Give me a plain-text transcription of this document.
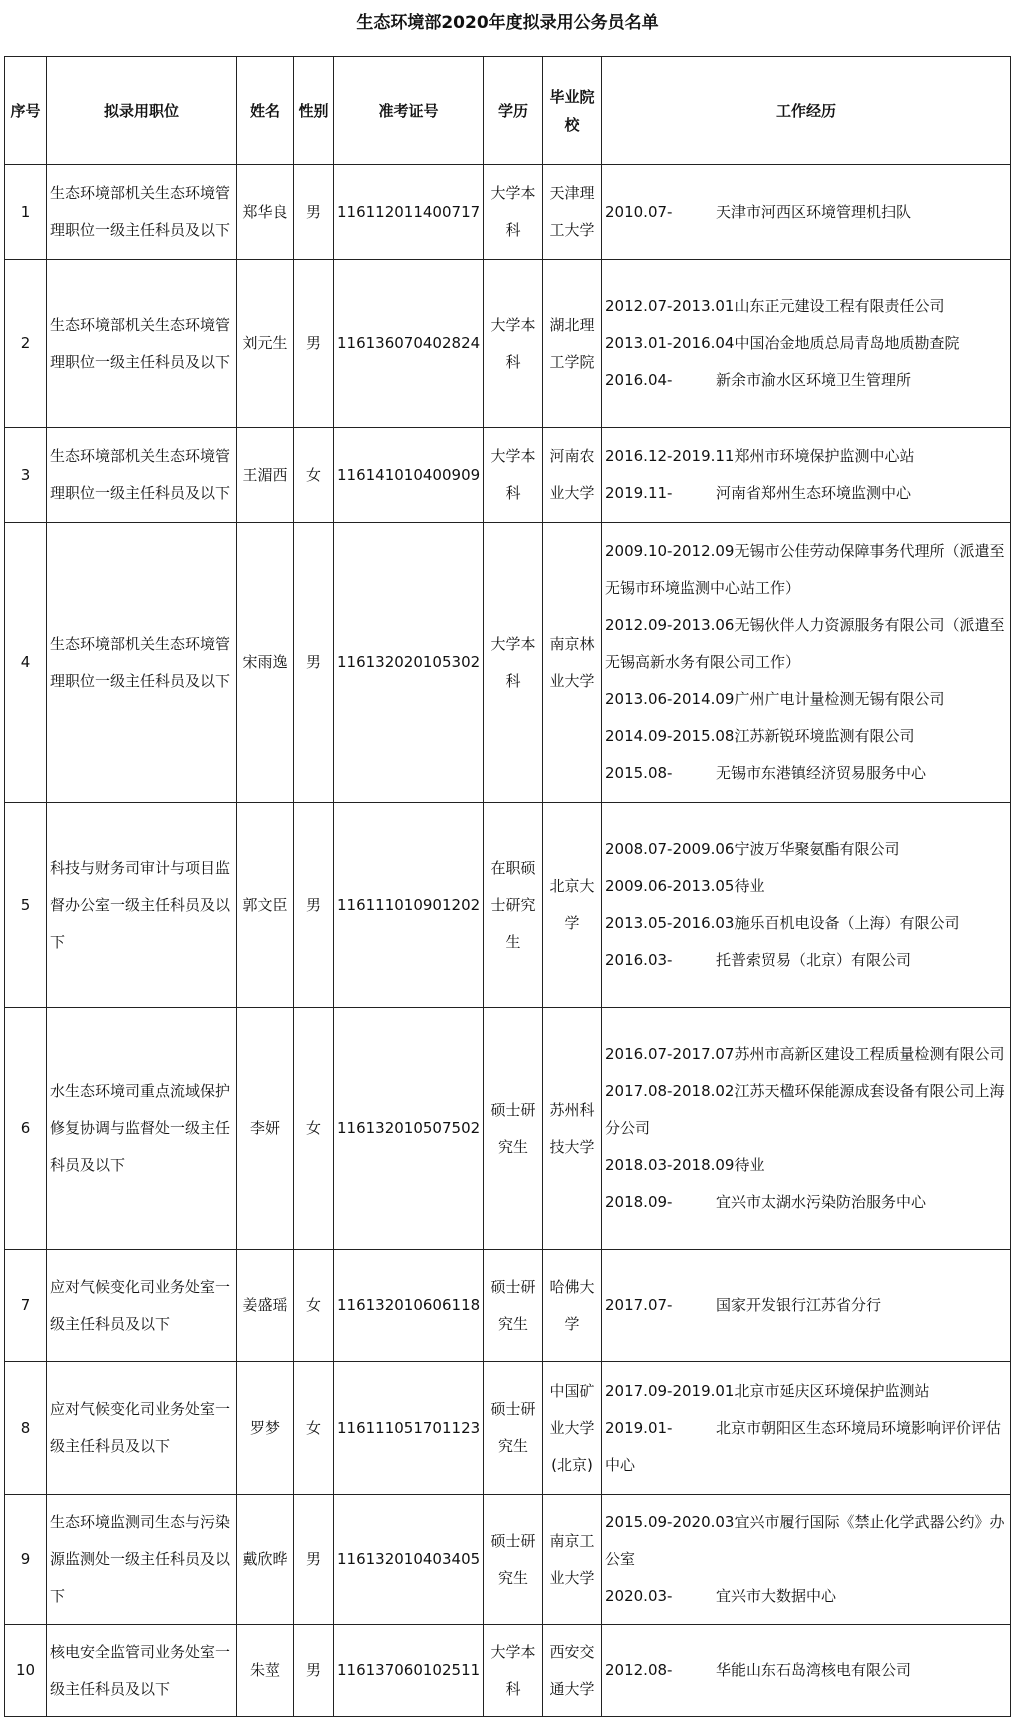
生态环境部2020年度拟录用公务员名单
序号	拟录用职位	姓名	性别	准考证号	学历	毕业院校	工作经历
1	生态环境部机关生态环境管理职位一级主任科员及以下	郑华良	男	116112011400717	大学本科	天津理工大学	2010.07- 天津市河西区环境管理机扫队

2	生态环境部机关生态环境管理职位一级主任科员及以下	刘元生	男	116136070402824	大学本科	湖北理工学院	2012.07-2013.01山东正元建设工程有限责任公司
2013.01-2016.04中国冶金地质总局青岛地质勘查院
2016.04- 新余市渝水区环境卫生管理所

3	生态环境部机关生态环境管理职位一级主任科员及以下	王湄西	女	116141010400909	大学本科	河南农业大学	2016.12-2019.11郑州市环境保护监测中心站
2019.11- 河南省郑州生态环境监测中心

4	生态环境部机关生态环境管理职位一级主任科员及以下	宋雨逸	男	116132020105302	大学本科	南京林业大学	2009.10-2012.09无锡市公佳劳动保障事务代理所（派遣至无锡市环境监测中心站工作）
2012.09-2013.06无锡伙伴人力资源服务有限公司（派遣至无锡高新水务有限公司工作）
2013.06-2014.09广州广电计量检测无锡有限公司
2014.09-2015.08江苏新锐环境监测有限公司
2015.08- 无锡市东港镇经济贸易服务中心

5	科技与财务司审计与项目监督办公室一级主任科员及以下	郭文臣	男	116111010901202	在职硕士研究生	北京大学	2008.07-2009.06宁波万华聚氨酯有限公司
2009.06-2013.05待业
2013.05-2016.03施乐百机电设备（上海）有限公司
2016.03- 托普索贸易（北京）有限公司

6	水生态环境司重点流域保护修复协调与监督处一级主任科员及以下	李妍	女	116132010507502	硕士研究生	苏州科技大学	2016.07-2017.07苏州市高新区建设工程质量检测有限公司
2017.08-2018.02江苏天楹环保能源成套设备有限公司上海分公司
2018.03-2018.09待业
2018.09- 宜兴市太湖水污染防治服务中心

7	应对气候变化司业务处室一级主任科员及以下	姜盛瑶	女	116132010606118	硕士研究生	哈佛大学	2017.07- 国家开发银行江苏省分行

8	应对气候变化司业务处室一级主任科员及以下	罗梦	女	116111051701123	硕士研究生	中国矿业大学(北京)	2017.09-2019.01北京市延庆区环境保护监测站
2019.01- 北京市朝阳区生态环境局环境影响评价评估中心

9	生态环境监测司生态与污染源监测处一级主任科员及以下	戴欣晔	男	116132010403405	硕士研究生	南京工业大学	2015.09-2020.03宜兴市履行国际《禁止化学武器公约》办公室
2020.03- 宜兴市大数据中心

10	核电安全监管司业务处室一级主任科员及以下	朱莖	男	116137060102511	大学本科	西安交通大学	2012.08- 华能山东石岛湾核电有限公司
